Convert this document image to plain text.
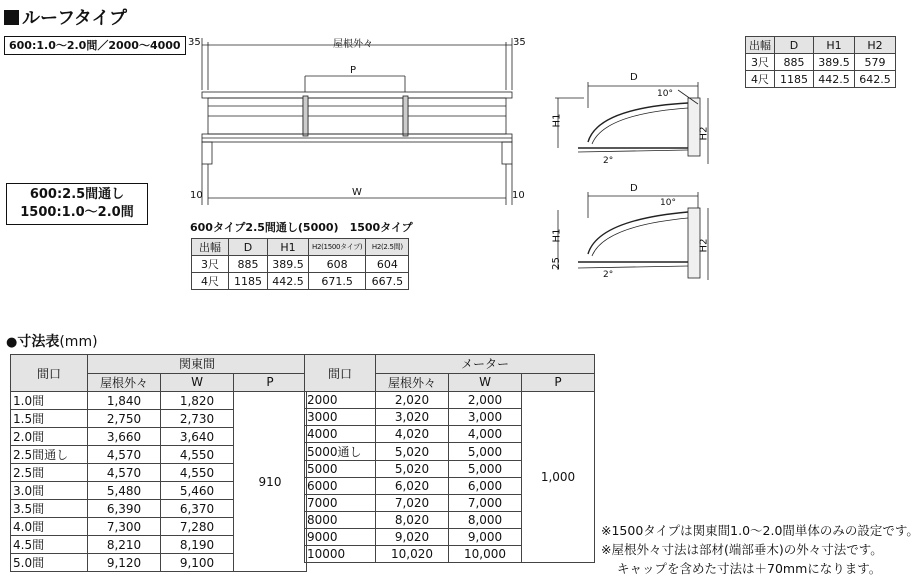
ルーフタイプ
600:1.0〜2.0間／2000〜4000
600:2.5間通し
1500:1.0〜2.0間
35	35
屋根外々
P
10	10
W
D
10°
H1
H2
2°
D
10°
H1
H2
25
2°
出幅	D	H1	H2
3尺	885	389.5	579
4尺	1185	442.5	642.5
600タイプ2.5間通し(5000)　1500タイプ
出幅	D	H1	H2(1500タイプ)	H2(2.5間)
3尺	885	389.5	608	604
4尺	1185	442.5	671.5	667.5
●寸法表(mm)
間口	関東間		
	屋根外々	W	P
1.0間	1,840	1,820	910
1.5間	2,750	2,730	
2.0間	3,660	3,640	
2.5間通し	4,570	4,550	
2.5間	4,570	4,550	
3.0間	5,480	5,460	
3.5間	6,390	6,370	
4.0間	7,300	7,280	
4.5間	8,210	8,190	
5.0間	9,120	9,100	
間口	メーター		
	屋根外々	W	P
2000	2,020	2,000	1,000
3000	3,020	3,000	
4000	4,020	4,000	
5000通し	5,020	5,000	
5000	5,020	5,000	
6000	6,020	6,000	
7000	7,020	7,000	
8000	8,020	8,000	
9000	9,020	9,000	
10000	10,020	10,000	
※1500タイプは関東間1.0〜2.0間単体のみの設定です。
※屋根外々寸法は部材(端部垂木)の外々寸法です。
キャップを含めた寸法は＋70mmになります。
